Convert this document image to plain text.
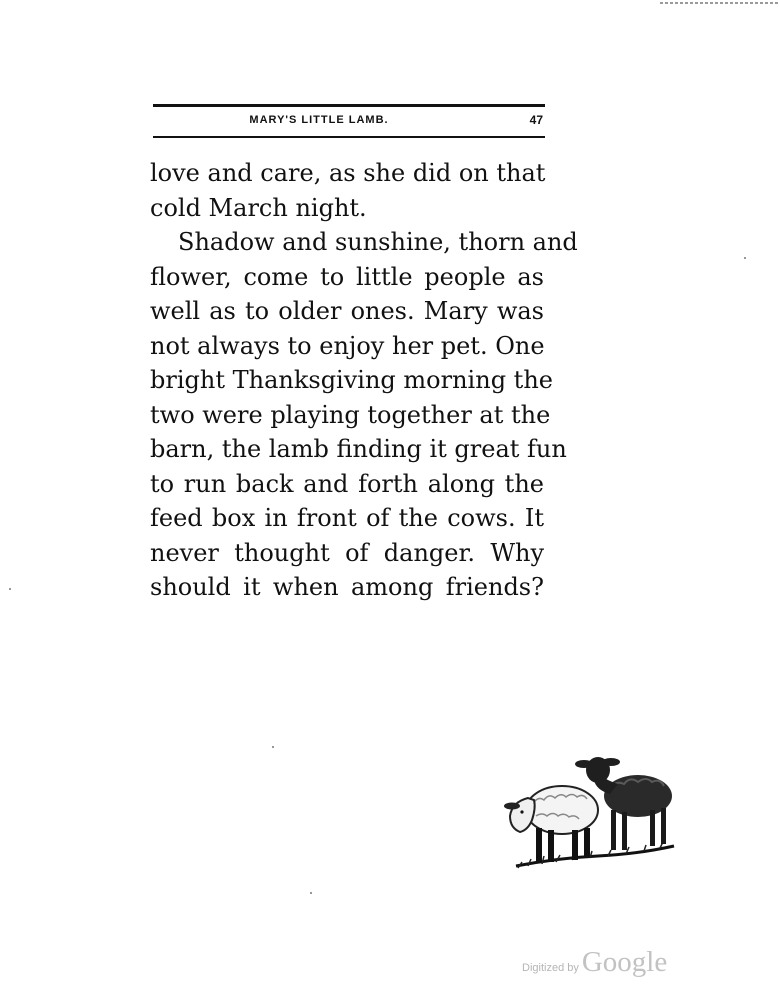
MARY'S LITTLE LAMB.	47
love and care, as she did on that
cold March night.
Shadow and sunshine, thorn and
flower, come to little people as
well as to older ones. Mary was
not always to enjoy her pet. One
bright Thanksgiving morning the
two were playing together at the
barn, the lamb finding it great fun
to run back and forth along the
feed box in front of the cows. It
never thought of danger. Why
should it when among friends?
Digitized by Google
